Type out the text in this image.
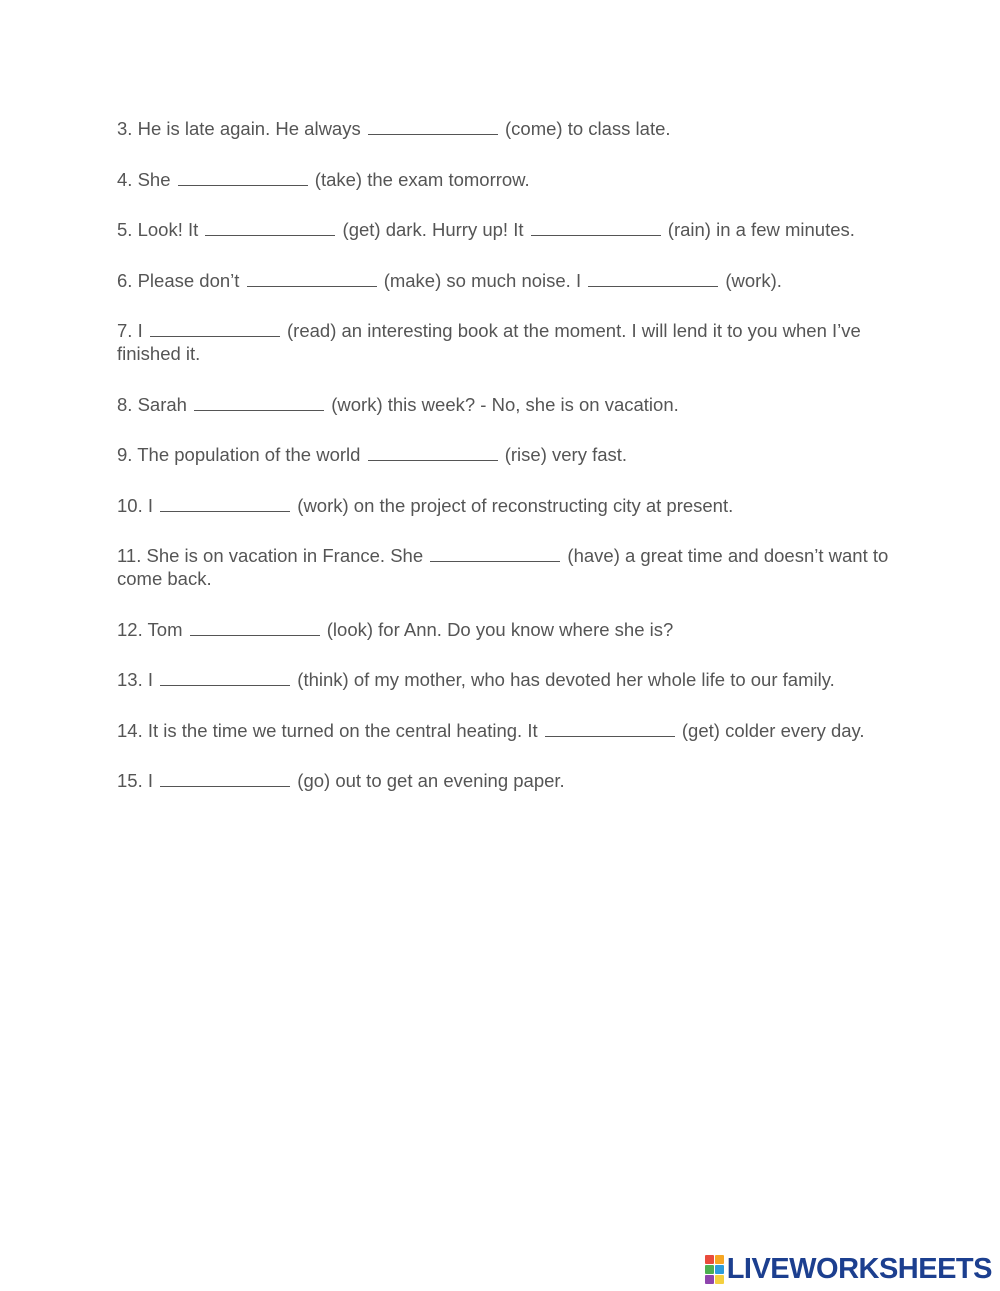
3. He is late again. He always	(come) to class late.

4. She	(take) the exam tomorrow.

5. Look! It	(get) dark. Hurry up! It	(rain) in a few minutes.

6. Please don’t	(make) so much noise. I	(work).

7. I	(read) an interesting book at the moment. I will lend it to you when I’ve finished it.

8. Sarah	(work) this week? - No, she is on vacation.

9. The population of the world	(rise) very fast.

10. I	(work) on the project of reconstructing city at present.

11. She is on vacation in France. She	(have) a great time and doesn’t want to come back.

12. Tom	(look) for Ann. Do you know where she is?

13. I	(think) of my mother, who has devoted her whole life to our family.

14. It is the time we turned on the central heating. It	(get) colder every day.

15. I	(go) out to get an evening paper.

LIVEWORKSHEETS
